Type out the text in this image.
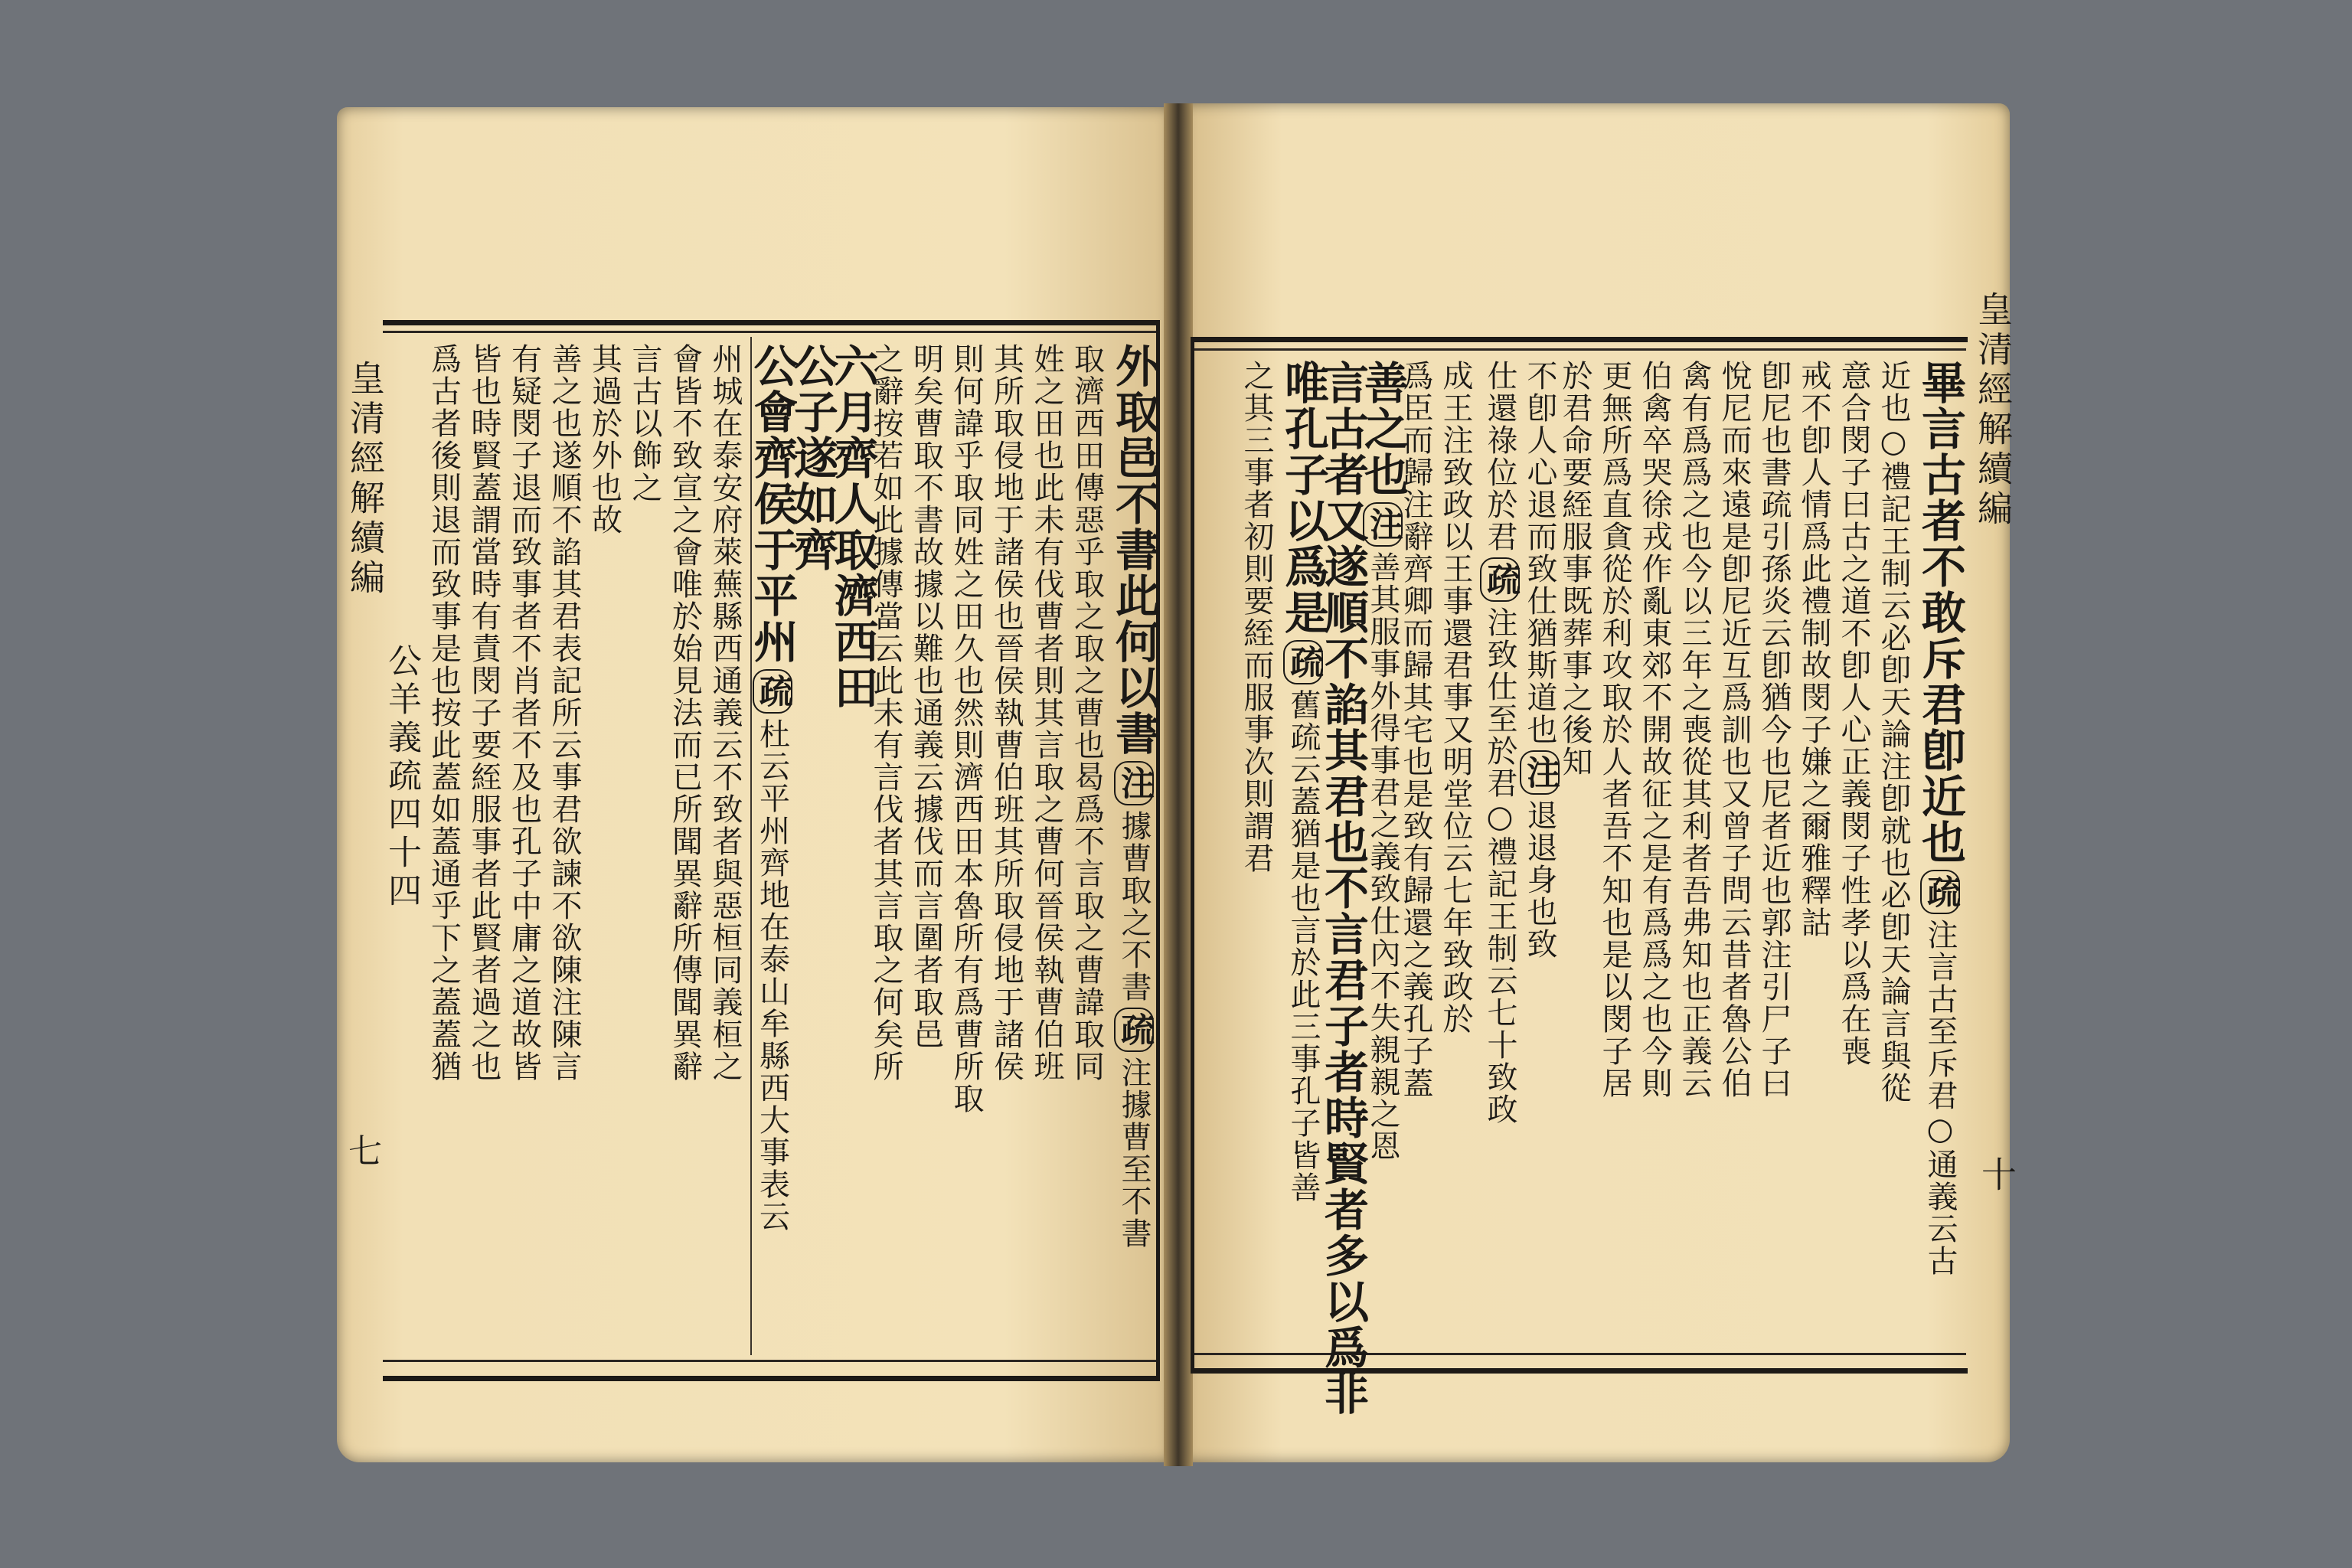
皇清經解續編
公羊義疏四十四
七
皇清經解續編
十
外取邑不書此何以書注據曹取之不書疏注據曹至不書
取濟西田傳惡乎取之取之曹也曷爲不言取之曹諱取同
姓之田也此未有伐曹者則其言取之曹何晉侯執曹伯班
其所取侵地于諸侯也晉侯執曹伯班其所取侵地于諸侯
則何諱乎取同姓之田久也然則濟西田本魯所有爲曹所取
明矣曹取不書故據以難也通義云據伐而言圍者取邑
之辭按若如此據傳當云此未有言伐者其言取之何矣所
六月齊人取濟西田
公子遂如齊
公會齊侯于平州疏杜云平州齊地在泰山牟縣西大事表云
州城在泰安府萊蕪縣西通義云不致者與惡桓同義桓之
會皆不致宣之會唯於始見法而已所聞異辭所傳聞異辭
言古以飾之
其過於外也故
善之也遂順不諂其君表記所云事君欲諫不欲陳注陳言
有疑閔子退而致事者不肖者不及也孔子中庸之道故皆
皆也時賢蓋謂當時有責閔子要絰服事者此賢者過之也
爲古者後則退而致事是也按此蓋如蓋通乎下之蓋蓋猶	畢言古者不敢斥君卽近也疏注言古至斥君○通義云古
近也○禮記王制云必卽天論注卽就也必卽天論言與從
意合閔子曰古之道不卽人心正義閔子性孝以爲在喪
戒不卽人情爲此禮制故閔子嫌之爾雅釋詁
卽尼也書疏引孫炎云卽猶今也尼者近也郭注引尸子曰
悅尼而來遠是卽尼近互爲訓也又曾子問云昔者魯公伯
禽有爲爲之也今以三年之喪從其利者吾弗知也正義云
伯禽卒哭徐戎作亂東郊不開故征之是有爲爲之也今則
更無所爲直貪從於利攻取於人者吾不知也是以閔子居
於君命要絰服事既葬事之後知
不卽人心退而致仕猶斯道也注退退身也致
仕還祿位於君疏注致仕至於君○禮記王制云七十致政
成王注致政以王事還君事又明堂位云七年致政於
爲臣而歸注辭齊卿而歸其宅也是致有歸還之義孔子蓋
善之也注善其服事外得事君之義致仕內不失親親之恩
言古者又遂順不諂其君也不言君子者時賢者多以爲非
唯孔子以爲是疏舊疏云蓋猶是也言於此三事孔子皆善
之其三事者初則要絰而服事次則謂君
